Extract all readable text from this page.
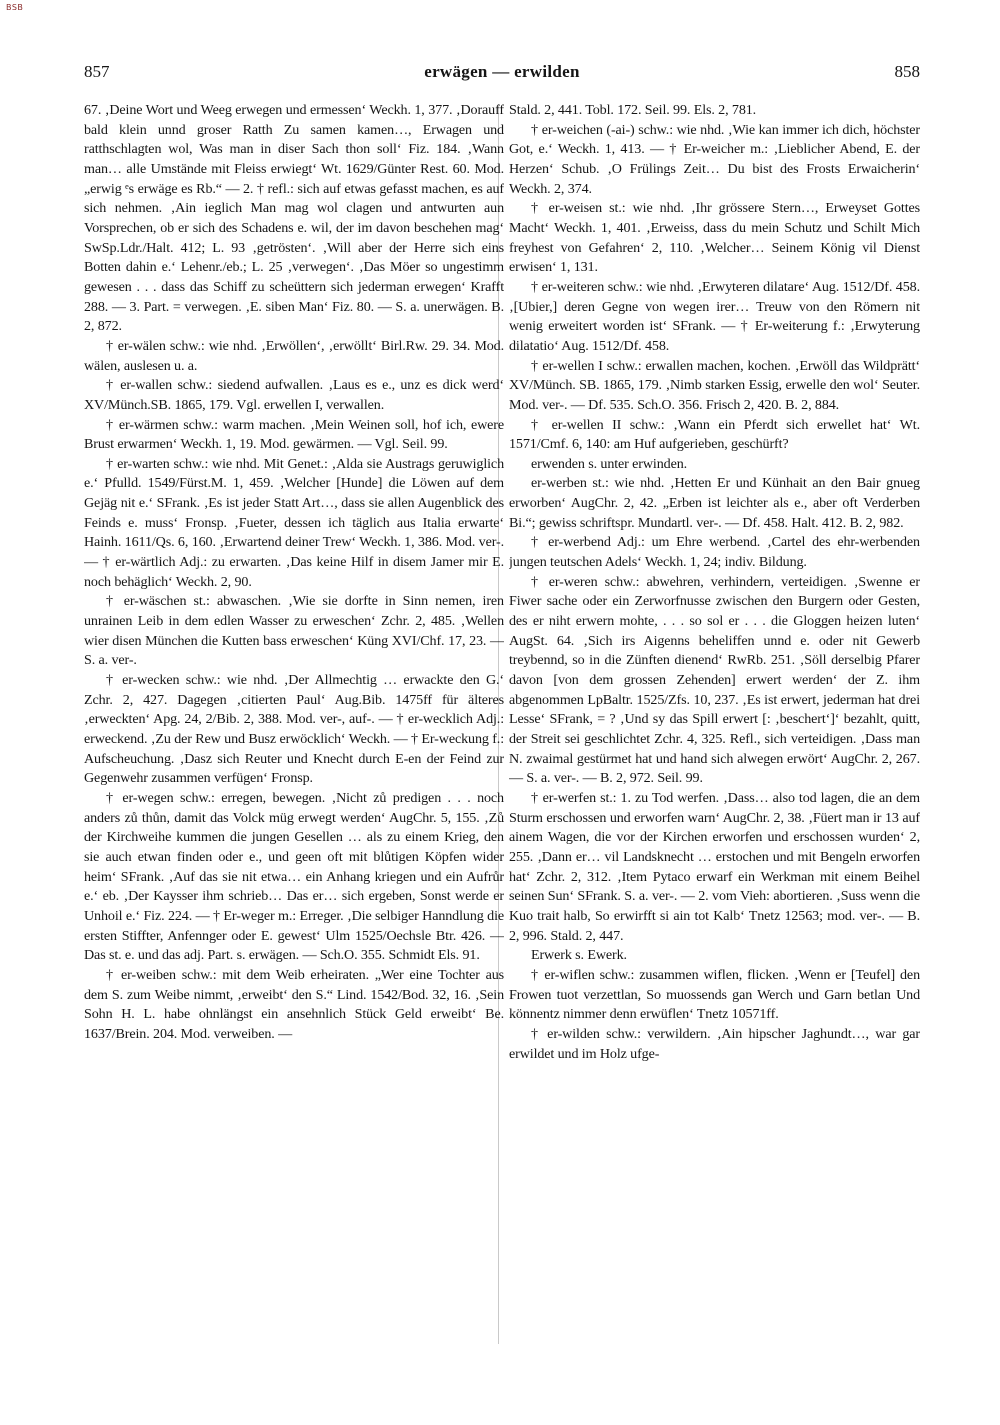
BSB
857	erwägen — erwilden	858

67. ‚Deine Wort und Weeg erwegen und ermessen‘ Weckh. 1, 377. ‚Dorauff bald klein unnd groser Ratth Zu samen kamen…, Erwagen und ratthschlagten wol, Was man in diser Sach thon soll‘ Fiz. 184. ‚Wann man… alle Umstände mit Fleiss erwiegt‘ Wt. 1629/Günter Rest. 60. Mod. „erwig ᵉs erwäge es Rb.“ — 2. † refl.: sich auf etwas gefasst machen, es auf sich nehmen. ‚Ain ieglich Man mag wol clagen und antwurten aun Vorsprechen, ob er sich des Schadens e. wil, der im davon beschehen mag‘ SwSp.Ldr./Halt. 412; L. 93 ‚getrösten‘. ‚Will aber der Herre sich eins Botten dahin e.‘ Lehenr./eb.; L. 25 ‚verwegen‘. ‚Das Möer so ungestimm gewesen . . . dass das Schiff zu scheüttern sich jederman erwegen‘ Krafft 288. — 3. Part. = verwegen. ‚E. siben Man‘ Fiz. 80. — S. a. unerwägen. B. 2, 872.

† er-wälen schw.: wie nhd. ‚Erwöllen‘, ‚erwöllt‘ Birl.Rw. 29. 34. Mod. wälen, auslesen u. a.

† er-wallen schw.: siedend aufwallen. ‚Laus es e., unz es dick werd‘ XV/Münch.SB. 1865, 179. Vgl. erwellen I, verwallen.

† er-wärmen schw.: warm machen. ‚Mein Weinen soll, hof ich, ewere Brust erwarmen‘ Weckh. 1, 19. Mod. gewärmen. — Vgl. Seil. 99.

† er-warten schw.: wie nhd. Mit Genet.: ‚Alda sie Austrags geruwiglich e.‘ Pfulld. 1549/Fürst.M. 1, 459. ‚Welcher [Hunde] die Löwen auf dem Gejäg nit e.‘ SFrank. ‚Es ist jeder Statt Art…, dass sie allen Augenblick des Feinds e. muss‘ Fronsp. ‚Fueter, dessen ich täglich aus Italia erwarte‘ Hainh. 1611/Qs. 6, 160. ‚Erwartend deiner Trew‘ Weckh. 1, 386. Mod. ver-. — † er-wärtlich Adj.: zu erwarten. ‚Das keine Hilf in disem Jamer mir E. noch behäglich‘ Weckh. 2, 90.

† er-wäschen st.: abwaschen. ‚Wie sie dorfte in Sinn nemen, iren unrainen Leib in dem edlen Wasser zu erweschen‘ Zchr. 2, 485. ‚Wellen wier disen München die Kutten bass erweschen‘ Küng XVI/Chf. 17, 23. — S. a. ver-.

† er-wecken schw.: wie nhd. ‚Der Allmechtig … erwackte den G.‘ Zchr. 2, 427. Dagegen ‚citierten Paul‘ Aug.Bib. 1475ff für älteres ‚erweckten‘ Apg. 24, 2/Bib. 2, 388. Mod. ver-, auf-. — † er-wecklich Adj.: erweckend. ‚Zu der Rew und Busz erwöcklich‘ Weckh. — † Er-weckung f.: Aufscheuchung. ‚Dasz sich Reuter und Knecht durch E-en der Feind zur Gegenwehr zusammen verfügen‘ Fronsp.

† er-wegen schw.: erregen, bewegen. ‚Nicht zů predigen . . . noch anders zů thůn, damit das Volck müg erwegt werden‘ AugChr. 5, 155. ‚Zů der Kirchweihe kummen die jungen Gesellen … als zu einem Krieg, den sie auch etwan finden oder e., und geen oft mit blůtigen Köpfen wider heim‘ SFrank. ‚Auf das sie nit etwa… ein Anhang kriegen und ein Aufrůr e.‘ eb. ‚Der Kaysser ihm schrieb… Das er… sich ergeben, Sonst werde er Unhoil e.‘ Fiz. 224. — † Er-weger m.: Erreger. ‚Die selbiger Hanndlung die ersten Stiffter, Anfennger oder E. gewest‘ Ulm 1525/Oechsle Btr. 426. — Das st. e. und das adj. Part. s. erwägen. — Sch.O. 355. Schmidt Els. 91.

† er-weiben schw.: mit dem Weib erheiraten. „Wer eine Tochter aus dem S. zum Weibe nimmt, ‚erweibt‘ den S.“ Lind. 1542/Bod. 32, 16. ‚Sein Sohn H. L. habe ohnlängst ein ansehnlich Stück Geld erweibt‘ Be. 1637/Brein. 204. Mod. verweiben. —

Stald. 2, 441. Tobl. 172. Seil. 99. Els. 2, 781.

† er-weichen (-ai-) schw.: wie nhd. ‚Wie kan immer ich dich, höchster Got, e.‘ Weckh. 1, 413. — † Er-weicher m.: ‚Lieblicher Abend, E. der Herzen‘ Schub. ‚O Frülings Zeit… Du bist des Frosts Erwaicherin‘ Weckh. 2, 374.

† er-weisen st.: wie nhd. ‚Ihr grössere Stern…, Erweyset Gottes Macht‘ Weckh. 1, 401. ‚Erweiss, dass du mein Schutz und Schilt Mich freyhest von Gefahren‘ 2, 110. ‚Welcher… Seinem König vil Dienst erwisen‘ 1, 131.

† er-weiteren schw.: wie nhd. ‚Erwyteren dilatare‘ Aug. 1512/Df. 458. ‚[Ubier,] deren Gegne von wegen irer… Treuw von den Römern nit wenig erweitert worden ist‘ SFrank. — † Er-weiterung f.: ‚Erwyterung dilatatio‘ Aug. 1512/Df. 458.

† er-wellen I schw.: erwallen machen, kochen. ‚Erwöll das Wildprätt‘ XV/Münch. SB. 1865, 179. ‚Nimb starken Essig, erwelle den wol‘ Seuter. Mod. ver-. — Df. 535. Sch.O. 356. Frisch 2, 420. B. 2, 884.

† er-wellen II schw.: ‚Wann ein Pferdt sich erwellet hat‘ Wt. 1571/Cmf. 6, 140: am Huf aufgerieben, geschürft?

erwenden s. unter erwinden.

er-werben st.: wie nhd. ‚Hetten Er und Künhait an den Bair gnueg erworben‘ AugChr. 2, 42. „Erben ist leichter als e., aber oft Verderben Bi.“; gewiss schriftspr. Mundartl. ver-. — Df. 458. Halt. 412. B. 2, 982.

† er-werbend Adj.: um Ehre werbend. ‚Cartel des ehr-werbenden jungen teutschen Adels‘ Weckh. 1, 24; indiv. Bildung.

† er-weren schw.: abwehren, verhindern, verteidigen. ‚Swenne er Fiwer sache oder ein Zerworfnusse zwischen den Burgern oder Gesten, des er niht erwern mohte, . . . so sol er . . . die Gloggen heizen luten‘ AugSt. 64. ‚Sich irs Aigenns beheliffen unnd e. oder nit Gewerb treybennd, so in die Zünften dienend‘ RwRb. 251. ‚Söll derselbig Pfarer davon [von dem grossen Zehenden] erwert werden‘ der Z. ihm abgenommen LpBaltr. 1525/Zfs. 10, 237. ‚Es ist erwert, jederman hat drei Lesse‘ SFrank, = ? ‚Und sy das Spill erwert [: ‚beschert‘]‘ bezahlt, quitt, der Streit sei geschlichtet Zchr. 4, 325. Refl., sich verteidigen. ‚Dass man N. zwaimal gestürmet hat und hand sich alwegen erwört‘ AugChr. 2, 267. — S. a. ver-. — B. 2, 972. Seil. 99.

† er-werfen st.: 1. zu Tod werfen. ‚Dass… also tod lagen, die an dem Sturm erschossen und erworfen warn‘ AugChr. 2, 38. ‚Füert man ir 13 auf ainem Wagen, die vor der Kirchen erworfen und erschossen wurden‘ 2, 255. ‚Dann er… vil Landsknecht … erstochen und mit Bengeln erworfen hat‘ Zchr. 2, 312. ‚Item Pytaco erwarf ein Werkman mit einem Beihel seinen Sun‘ SFrank. S. a. ver-. — 2. vom Vieh: abortieren. ‚Suss wenn die Kuo trait halb, So erwirfft si ain tot Kalb‘ Tnetz 12563; mod. ver-. — B. 2, 996. Stald. 2, 447.

Erwerk s. Ewerk.

† er-wiflen schw.: zusammen wiflen, flicken. ‚Wenn er [Teufel] den Frowen tuot verzettlan, So muossends gan Werch und Garn betlan Und könnentz nimmer denn erwüflen‘ Tnetz 10571ff.

† er-wilden schw.: verwildern. ‚Ain hipscher Jaghundt…, war gar erwildet und im Holz ufge-
